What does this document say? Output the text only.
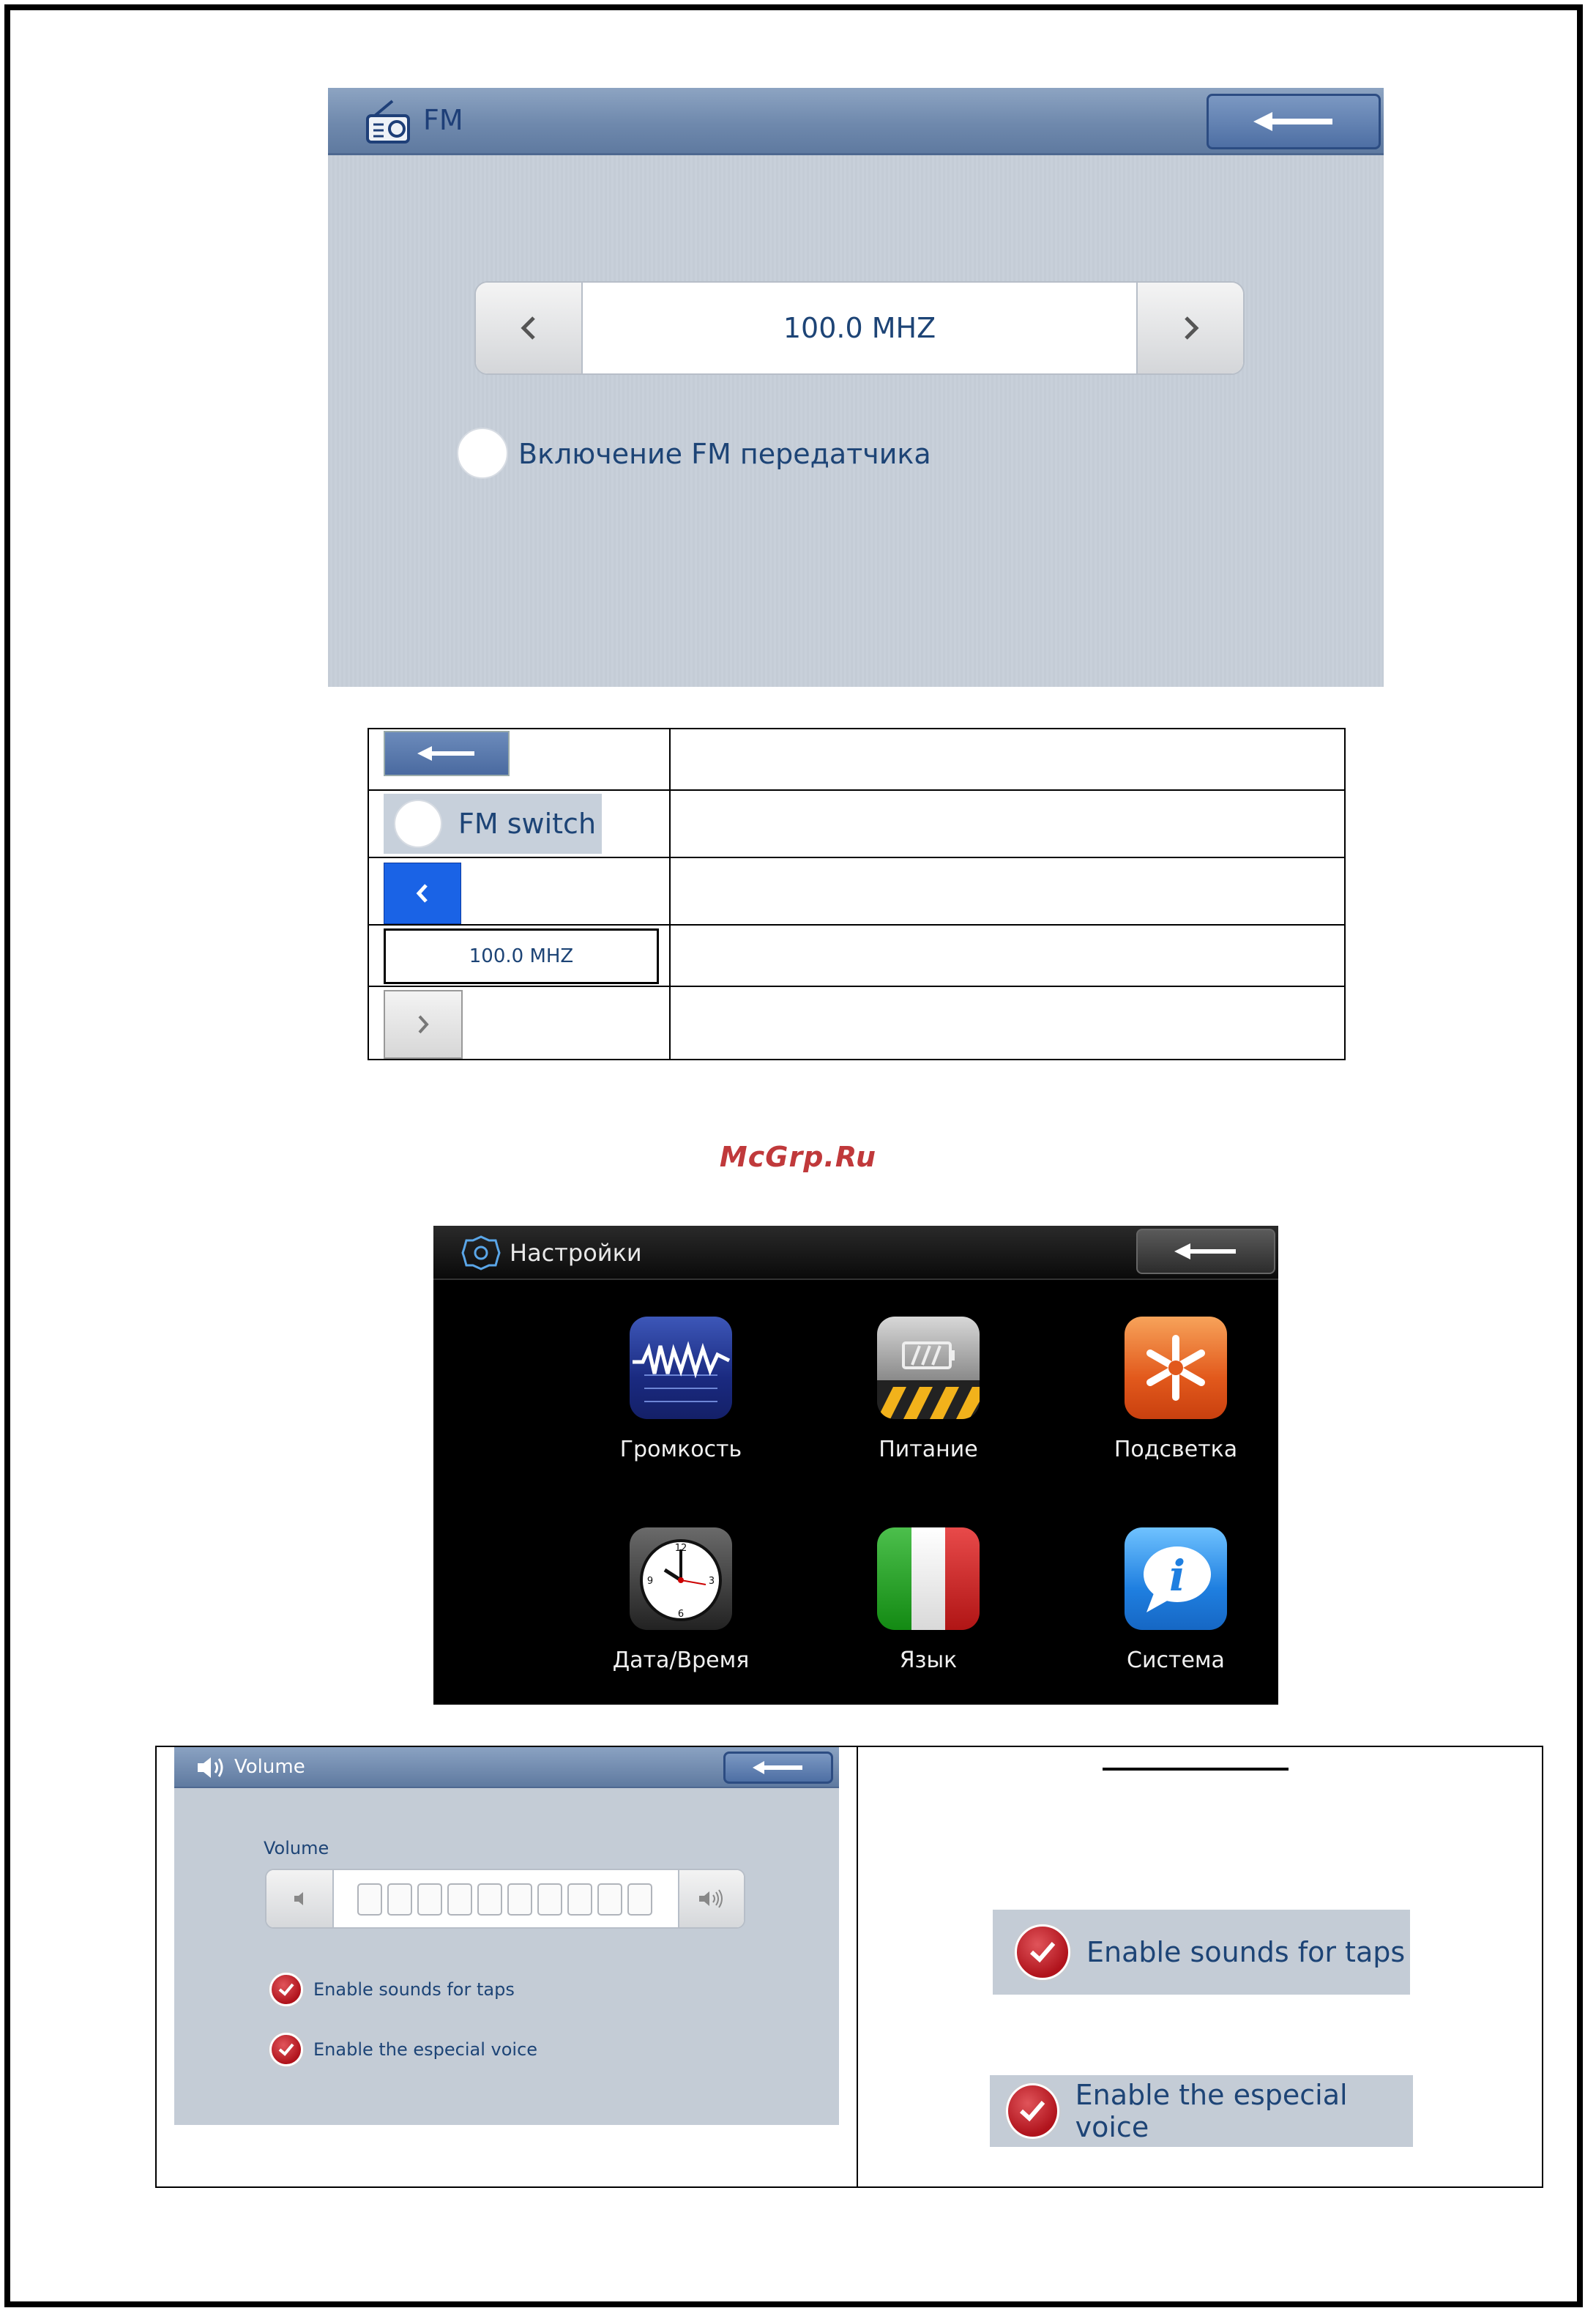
FM
100.0 MHZ
Включение FM передатчика

FM switch	

100.0 MHZ	

McGrp.Ru
Настройки
Громкость	Питание	Подсветка
12
6
3
9
Дата/Время	Язык
i
Система
Volume
Volume
Enable sounds for taps
Enable the especial voice
Enable sounds for taps
Enable the especial voice
